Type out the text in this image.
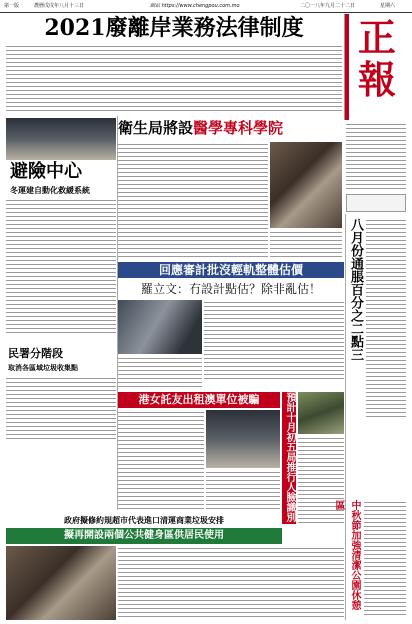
第一版	農曆戊戌年八月十三日	網站 https://www.chengpou.com.mo	二〇一八年九月二十二日	星期六
2021廢離岸業務法律制度	正
報
避險中心
冬運建自動化救緩系統
衛生局將設醫學專科學院
回應審計批沒輕軌整體估價
羅立文：冇設計點估？除非亂估！
民署分階段
取消各區域垃圾收集點
港女託友出租澳單位被騙	預計十月初五局推行人臉識別
八月份通脹百分之二點三
中秋節加強清潔公園休憩區
政府擬修約規超市代表進口清運商業垃圾安排
擬再開設兩個公共健身區供居民使用
